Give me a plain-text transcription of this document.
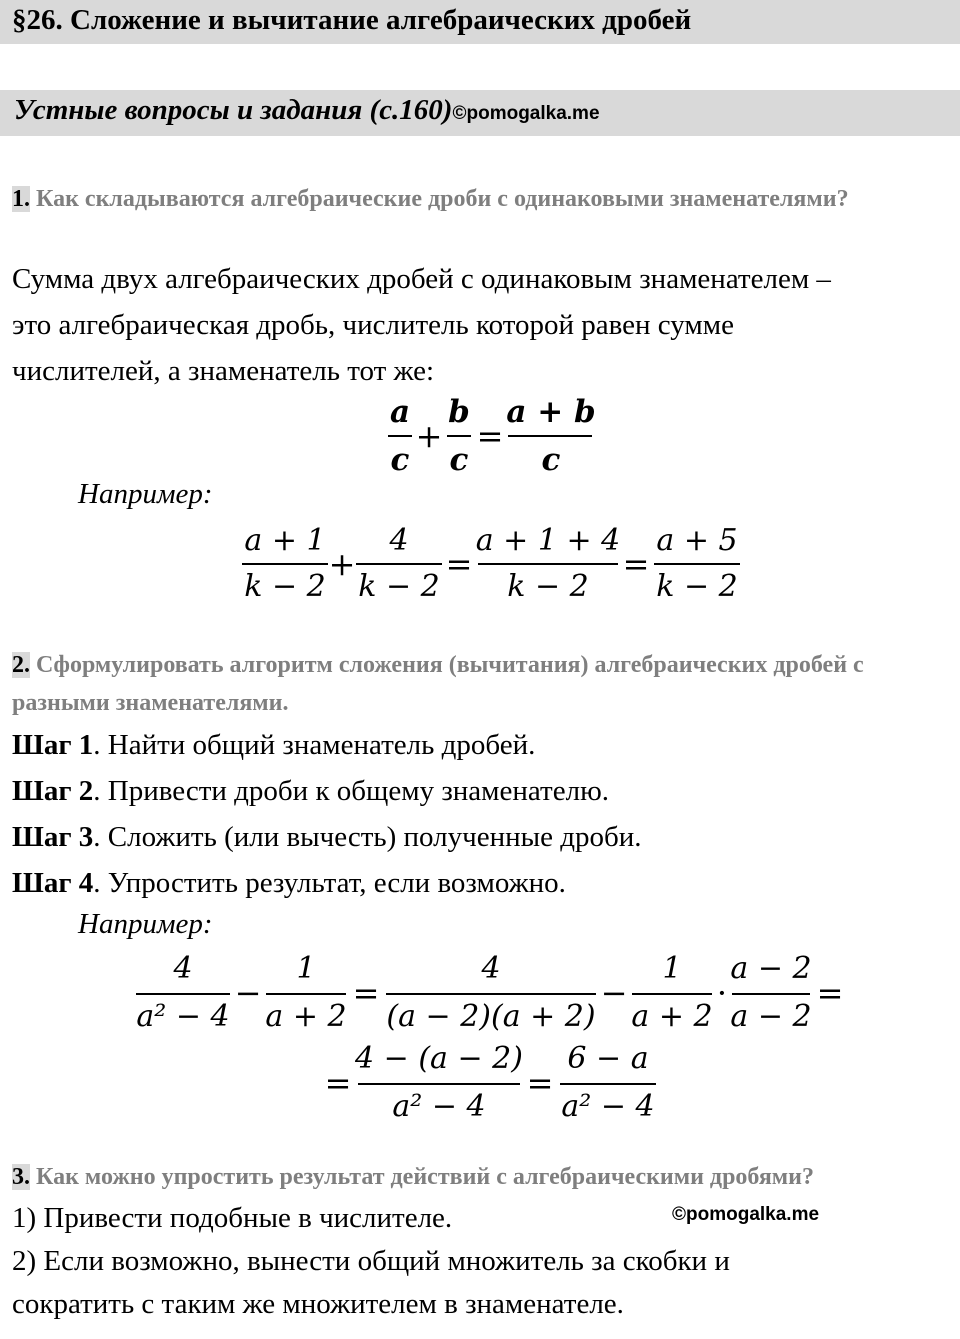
§26. Сложение и вычитание алгебраических дробей
Устные вопросы и задания (с.160)©pomogalka.me
1. Как складываются алгебраические дроби с одинаковыми знаменателями?
Сумма двух алгебраических дробей с одинаковым знаменателем –
это алгебраическая дробь, числитель которой равен сумме
числителей, а знаменатель тот же:
a
c
+
b
c
=
a + b
c
Например:
a + 1
k − 2
+
4
k − 2
=
a + 1 + 4
k − 2
=
a + 5
k − 2
2. Сформулировать алгоритм сложения (вычитания) алгебраических дробей с разными знаменателями.
Шаг 1. Найти общий знаменатель дробей.
Шаг 2. Привести дроби к общему знаменателю.
Шаг 3. Сложить (или вычесть) полученные дроби.
Шаг 4. Упростить результат, если возможно.
Например:
4
a² − 4
−
1
a + 2
=
4
(a − 2)(a + 2)
−
1
a + 2
·
a − 2
a − 2
=
=
4 − (a − 2)
a² − 4
=
6 − a
a² − 4
3. Как можно упростить результат действий с алгебраическими дробями?
1) Привести подобные в числителе.
2) Если возможно, вынести общий множитель за скобки и
сократить с таким же множителем в знаменателе.
©pomogalka.me
